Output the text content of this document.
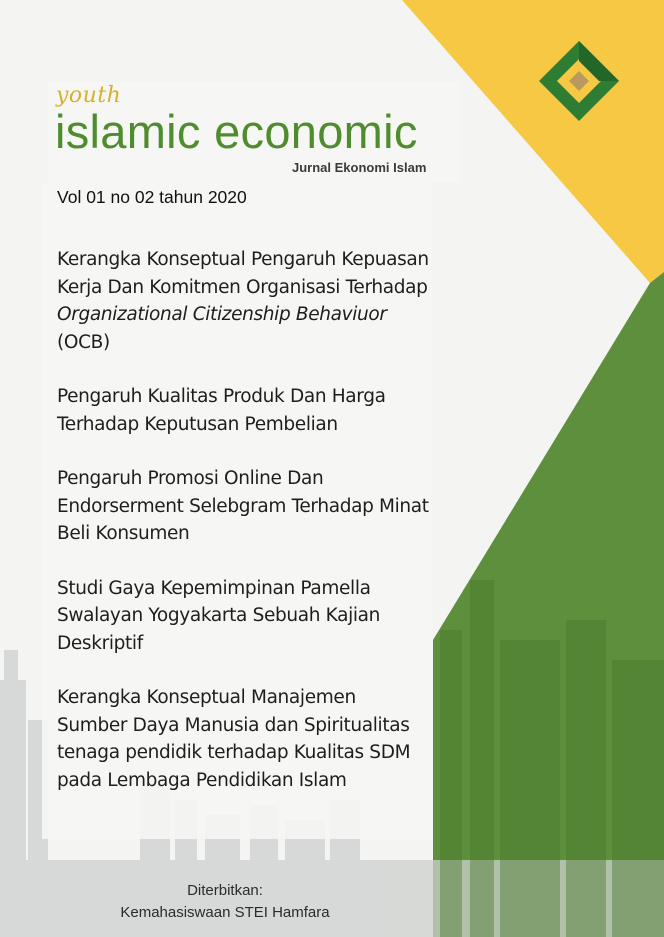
youth

islamic economic

Jurnal Ekonomi Islam

Vol 01 no 02 tahun 2020

Kerangka Konseptual Pengaruh Kepuasan Kerja Dan Komitmen Organisasi Terhadap Organizational Citizenship Behaviuor (OCB)
Pengaruh Kualitas Produk Dan Harga Terhadap Keputusan Pembelian
Pengaruh Promosi Online Dan Endorserment Selebgram Terhadap Minat Beli Konsumen
Studi Gaya Kepemimpinan Pamella Swalayan Yogyakarta Sebuah Kajian Deskriptif
Kerangka Konseptual Manajemen Sumber Daya Manusia dan Spiritualitas tenaga pendidik terhadap Kualitas SDM pada Lembaga Pendidikan Islam

Diterbitkan:

Kemahasiswaan STEI Hamfara
